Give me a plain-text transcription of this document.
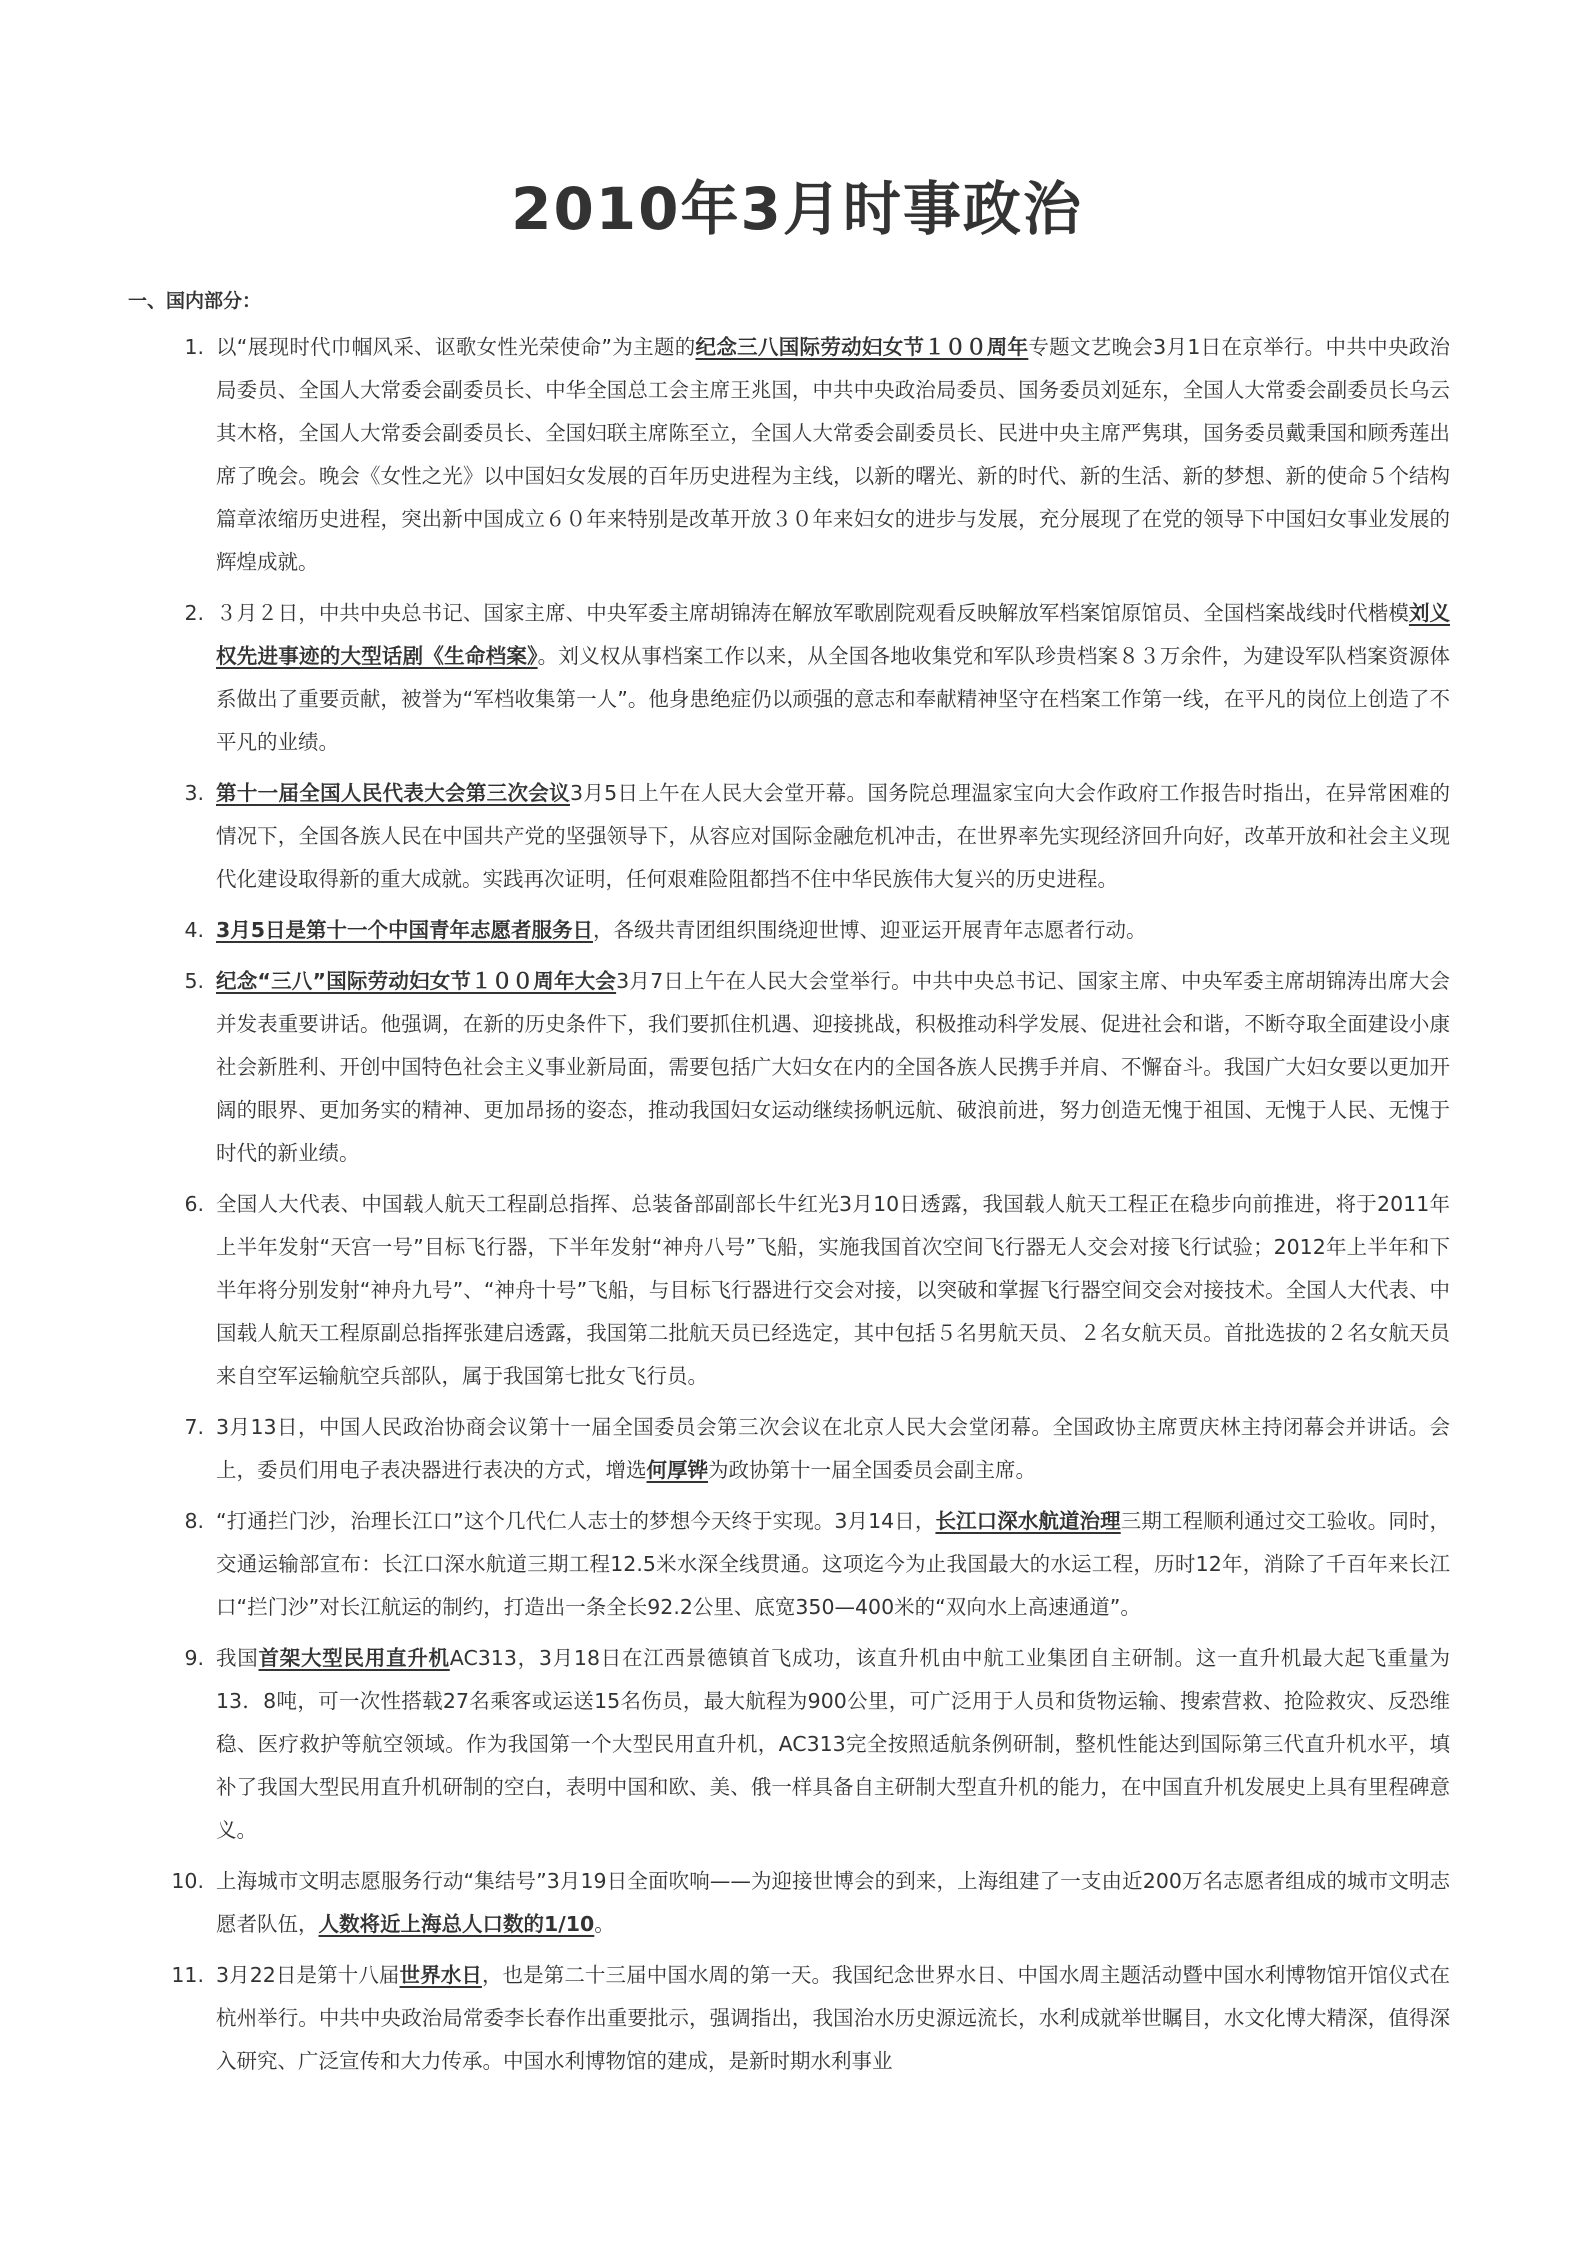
2010年3月时事政治
一、国内部分：
1. 以“展现时代巾帼风采、讴歌女性光荣使命”为主题的纪念三八国际劳动妇女节１００周年专题文艺晚会3月1日在京举行。中共中央政治局委员、全国人大常委会副委员长、中华全国总工会主席王兆国，中共中央政治局委员、国务委员刘延东，全国人大常委会副委员长乌云其木格，全国人大常委会副委员长、全国妇联主席陈至立，全国人大常委会副委员长、民进中央主席严隽琪，国务委员戴秉国和顾秀莲出席了晚会。晚会《女性之光》以中国妇女发展的百年历史进程为主线，以新的曙光、新的时代、新的生活、新的梦想、新的使命５个结构篇章浓缩历史进程，突出新中国成立６０年来特别是改革开放３０年来妇女的进步与发展，充分展现了在党的领导下中国妇女事业发展的辉煌成就。
2. ３月２日，中共中央总书记、国家主席、中央军委主席胡锦涛在解放军歌剧院观看反映解放军档案馆原馆员、全国档案战线时代楷模刘义权先进事迹的大型话剧《生命档案》。刘义权从事档案工作以来，从全国各地收集党和军队珍贵档案８３万余件，为建设军队档案资源体系做出了重要贡献，被誉为“军档收集第一人”。他身患绝症仍以顽强的意志和奉献精神坚守在档案工作第一线，在平凡的岗位上创造了不平凡的业绩。
3. 第十一届全国人民代表大会第三次会议3月5日上午在人民大会堂开幕。国务院总理温家宝向大会作政府工作报告时指出，在异常困难的情况下，全国各族人民在中国共产党的坚强领导下，从容应对国际金融危机冲击，在世界率先实现经济回升向好，改革开放和社会主义现代化建设取得新的重大成就。实践再次证明，任何艰难险阻都挡不住中华民族伟大复兴的历史进程。
4. 3月5日是第十一个中国青年志愿者服务日，各级共青团组织围绕迎世博、迎亚运开展青年志愿者行动。
5. 纪念“三八”国际劳动妇女节１００周年大会3月7日上午在人民大会堂举行。中共中央总书记、国家主席、中央军委主席胡锦涛出席大会并发表重要讲话。他强调，在新的历史条件下，我们要抓住机遇、迎接挑战，积极推动科学发展、促进社会和谐，不断夺取全面建设小康社会新胜利、开创中国特色社会主义事业新局面，需要包括广大妇女在内的全国各族人民携手并肩、不懈奋斗。我国广大妇女要以更加开阔的眼界、更加务实的精神、更加昂扬的姿态，推动我国妇女运动继续扬帆远航、破浪前进，努力创造无愧于祖国、无愧于人民、无愧于时代的新业绩。
6. 全国人大代表、中国载人航天工程副总指挥、总装备部副部长牛红光3月10日透露，我国载人航天工程正在稳步向前推进，将于2011年上半年发射“天宫一号”目标飞行器，下半年发射“神舟八号”飞船，实施我国首次空间飞行器无人交会对接飞行试验；2012年上半年和下半年将分别发射“神舟九号”、“神舟十号”飞船，与目标飞行器进行交会对接，以突破和掌握飞行器空间交会对接技术。全国人大代表、中国载人航天工程原副总指挥张建启透露，我国第二批航天员已经选定，其中包括５名男航天员、２名女航天员。首批选拔的２名女航天员来自空军运输航空兵部队，属于我国第七批女飞行员。
7. 3月13日，中国人民政治协商会议第十一届全国委员会第三次会议在北京人民大会堂闭幕。全国政协主席贾庆林主持闭幕会并讲话。会上，委员们用电子表决器进行表决的方式，增选何厚铧为政协第十一届全国委员会副主席。
8. “打通拦门沙，治理长江口”这个几代仁人志士的梦想今天终于实现。3月14日，长江口深水航道治理三期工程顺利通过交工验收。同时，交通运输部宣布：长江口深水航道三期工程12.5米水深全线贯通。这项迄今为止我国最大的水运工程，历时12年，消除了千百年来长江口“拦门沙”对长江航运的制约，打造出一条全长92.2公里、底宽350—400米的“双向水上高速通道”。
9. 我国首架大型民用直升机AC313，3月18日在江西景德镇首飞成功，该直升机由中航工业集团自主研制。这一直升机最大起飞重量为13．8吨，可一次性搭载27名乘客或运送15名伤员，最大航程为900公里，可广泛用于人员和货物运输、搜索营救、抢险救灾、反恐维稳、医疗救护等航空领域。作为我国第一个大型民用直升机，AC313完全按照适航条例研制，整机性能达到国际第三代直升机水平，填补了我国大型民用直升机研制的空白，表明中国和欧、美、俄一样具备自主研制大型直升机的能力，在中国直升机发展史上具有里程碑意义。
10. 上海城市文明志愿服务行动“集结号”3月19日全面吹响——为迎接世博会的到来，上海组建了一支由近200万名志愿者组成的城市文明志愿者队伍，人数将近上海总人口数的1/10。
11. 3月22日是第十八届世界水日，也是第二十三届中国水周的第一天。我国纪念世界水日、中国水周主题活动暨中国水利博物馆开馆仪式在杭州举行。中共中央政治局常委李长春作出重要批示，强调指出，我国治水历史源远流长，水利成就举世瞩目，水文化博大精深，值得深入研究、广泛宣传和大力传承。中国水利博物馆的建成，是新时期水利事业
